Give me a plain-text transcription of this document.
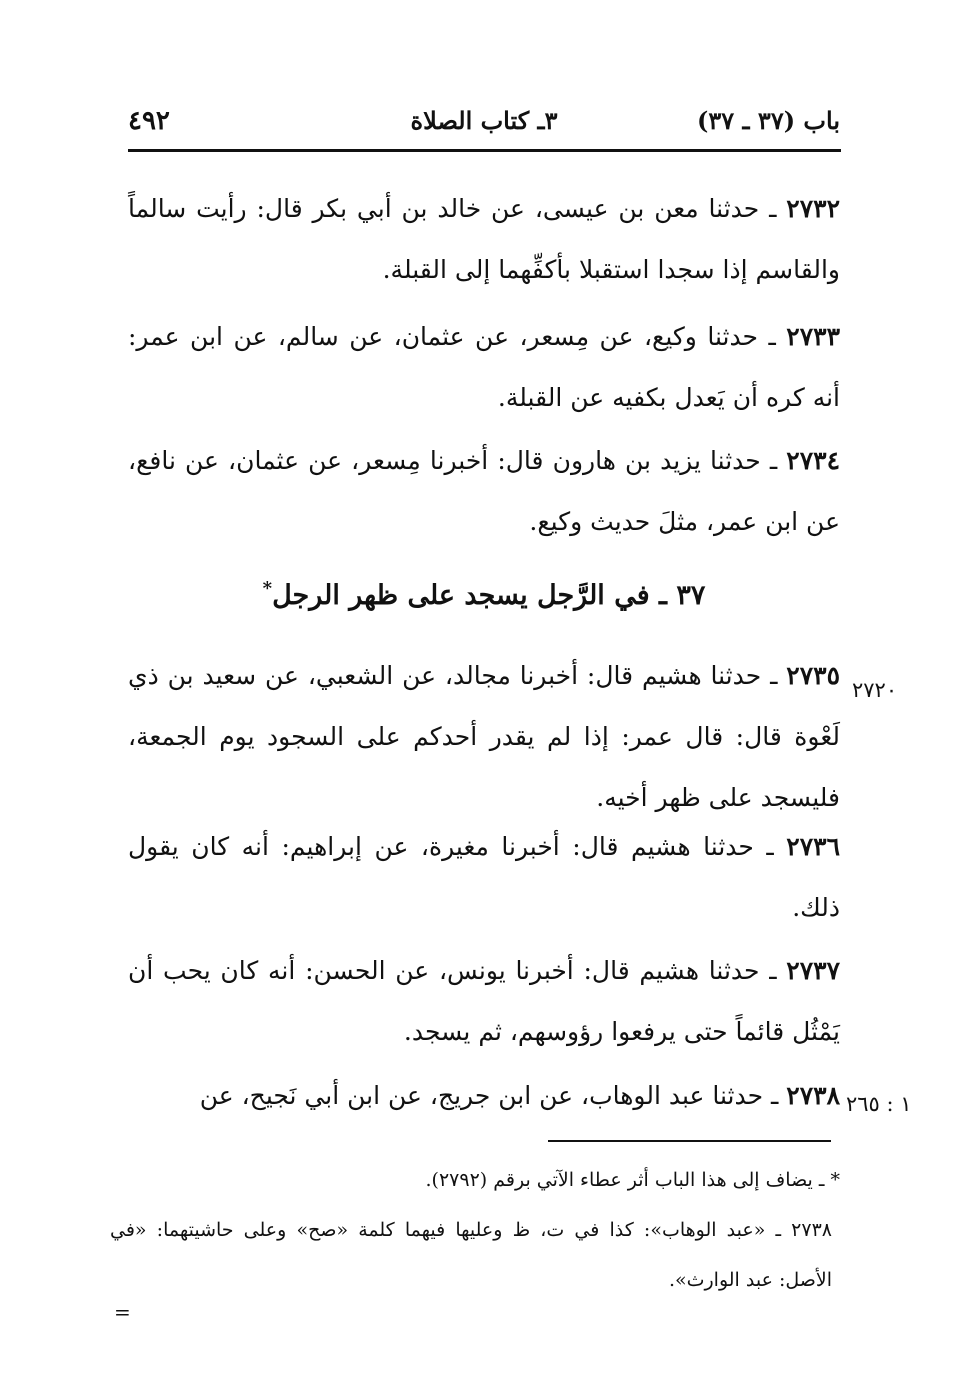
باب (٣٧ ـ ٣٧)
٣ـ كتاب الصلاة
٤٩٢
٢٧٣٢ ـ حدثنا معن بن عيسى، عن خالد بن أبي بكر قال: رأيت سالماً والقاسم إذا سجدا استقبلا بأكفِّهما إلى القبلة.
٢٧٣٣ ـ حدثنا وكيع، عن مِسعر، عن عثمان، عن سالم، عن ابن عمر: أنه كره أن يَعدل بكفيه عن القبلة.
٢٧٣٤ ـ حدثنا يزيد بن هارون قال: أخبرنا مِسعر، عن عثمان، عن نافع، عن ابن عمر، مثلَ حديث وكيع.
٣٧ ـ في الرَّجل يسجد على ظهر الرجل*
٢٧٢٠
٢٧٣٥ ـ حدثنا هشيم قال: أخبرنا مجالد، عن الشعبي، عن سعيد بن ذي لَعْوة قال: قال عمر: إذا لم يقدر أحدكم على السجود يوم الجمعة، فليسجد على ظهر أخيه.
٢٧٣٦ ـ حدثنا هشيم قال: أخبرنا مغيرة، عن إبراهيم: أنه كان يقول ذلك.
٢٧٣٧ ـ حدثنا هشيم قال: أخبرنا يونس، عن الحسن: أنه كان يحب أن يَمْثُل قائماً حتى يرفعوا رؤوسهم، ثم يسجد.
١ : ٢٦٥
٢٧٣٨ ـ حدثنا عبد الوهاب، عن ابن جريج، عن ابن أبي نَجيح، عن
* ـ يضاف إلى هذا الباب أثر عطاء الآتي برقم (٢٧٩٢).
٢٧٣٨ ـ «عبد الوهاب»: كذا في ت، ظ وعليها فيهما كلمة «صح» وعلى حاشيتهما: «في الأصل: عبد الوارث».
=
